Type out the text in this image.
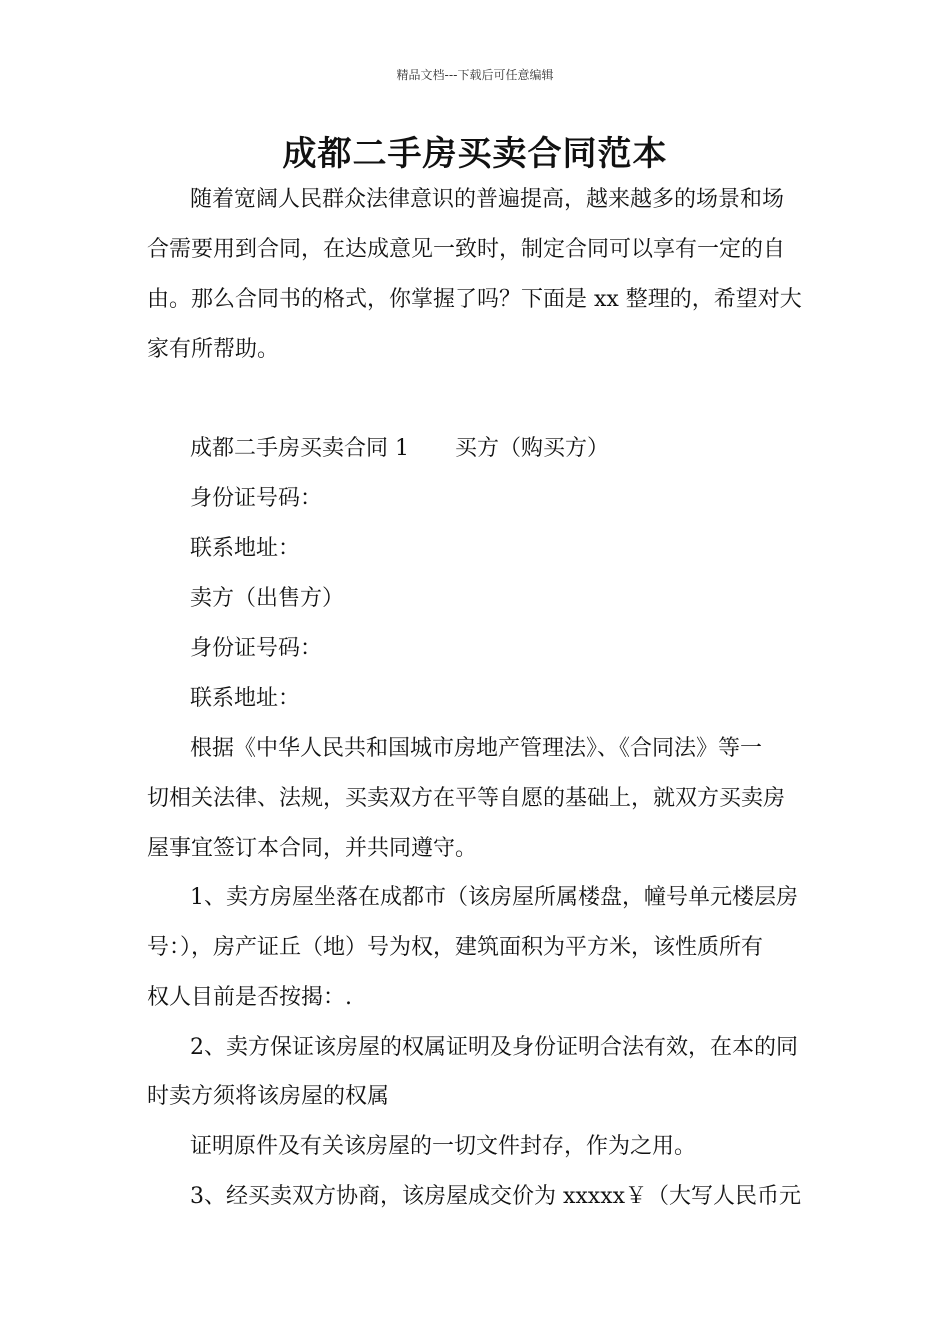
精品文档---下载后可任意编辑
成都二手房买卖合同范本
随着宽阔人民群众法律意识的普遍提高，越来越多的场景和场
合需要用到合同，在达成意见一致时，制定合同可以享有一定的自
由。那么合同书的格式，你掌握了吗？下面是 xx 整理的，希望对大
家有所帮助。
成都二手房买卖合同 1 买方（购买方）
身份证号码：
联系地址：
卖方（出售方）
身份证号码：
联系地址：
根据《中华人民共和国城市房地产管理法》、《合同法》等一
切相关法律、法规，买卖双方在平等自愿的基础上，就双方买卖房
屋事宜签订本合同，并共同遵守。
1、卖方房屋坐落在成都市（该房屋所属楼盘，幢号单元楼层房
号：），房产证丘（地）号为权，建筑面积为平方米，该性质所有
权人目前是否按揭：.
2、卖方保证该房屋的权属证明及身份证明合法有效，在本的同
时卖方须将该房屋的权属
证明原件及有关该房屋的一切文件封存，作为之用。
3、经买卖双方协商，该房屋成交价为 xxxxx￥（大写人民币元
